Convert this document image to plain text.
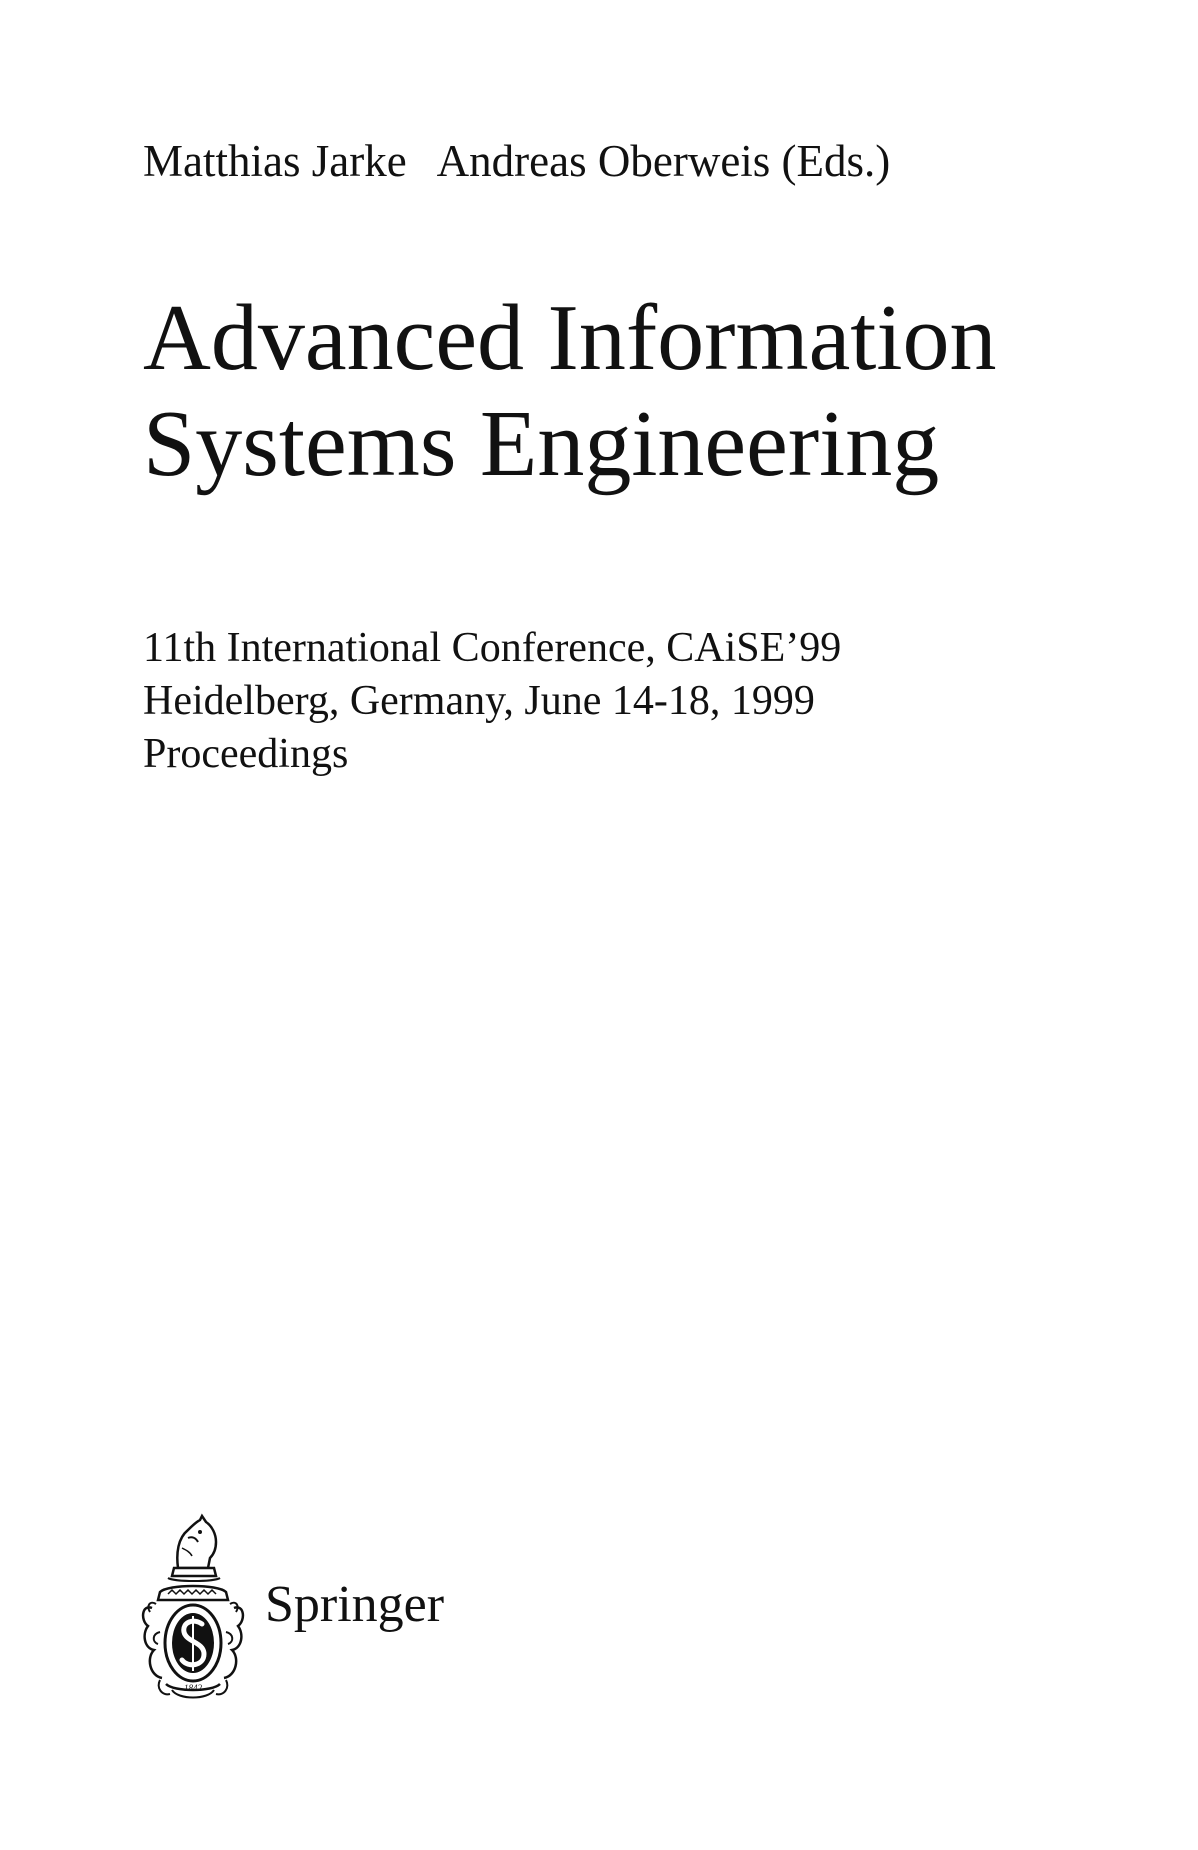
Matthias Jarke Andreas Oberweis (Eds.)
Advanced Information
Systems Engineering
11th International Conference, CAiSE’99
Heidelberg, Germany, June 14-18, 1999
Proceedings
1842
Springer
